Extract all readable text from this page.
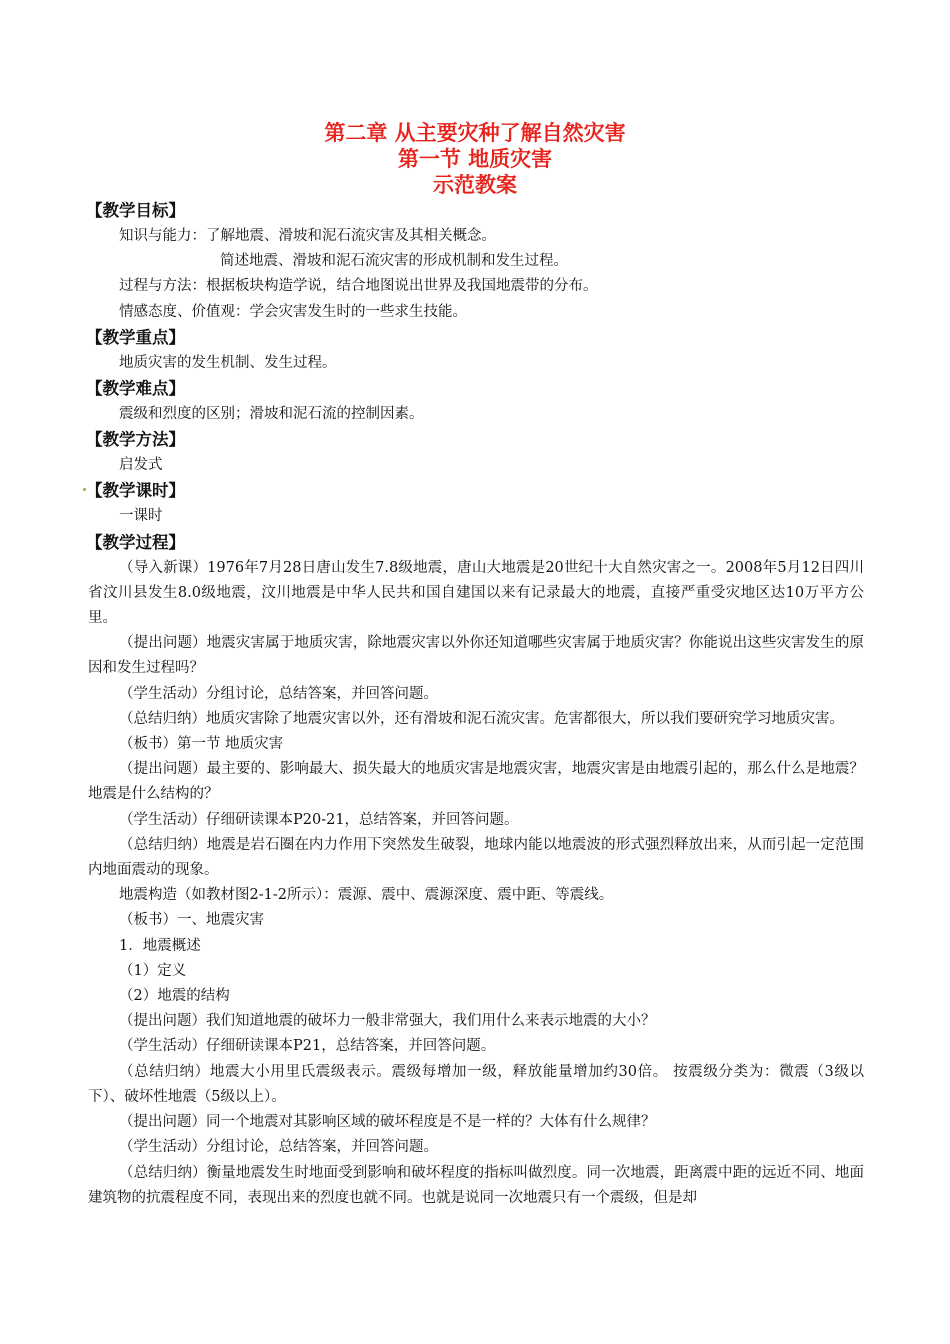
第二章 从主要灾种了解自然灾害
第一节 地质灾害
示范教案
【教学目标】
知识与能力：了解地震、滑坡和泥石流灾害及其相关概念。
简述地震、滑坡和泥石流灾害的形成机制和发生过程。
过程与方法：根据板块构造学说，结合地图说出世界及我国地震带的分布。
情感态度、价值观：学会灾害发生时的一些求生技能。
【教学重点】
地质灾害的发生机制、发生过程。
【教学难点】
震级和烈度的区别；滑坡和泥石流的控制因素。
【教学方法】
启发式
【教学课时】
一课时
【教学过程】
（导入新课）1976年7月28日唐山发生7.8级地震，唐山大地震是20世纪十大自然灾害之一。2008年5月12日四川省汶川县发生8.0级地震，汶川地震是中华人民共和国自建国以来有记录最大的地震，直接严重受灾地区达10万平方公里。
（提出问题）地震灾害属于地质灾害，除地震灾害以外你还知道哪些灾害属于地质灾害？你能说出这些灾害发生的原因和发生过程吗？
（学生活动）分组讨论，总结答案，并回答问题。
（总结归纳）地质灾害除了地震灾害以外，还有滑坡和泥石流灾害。危害都很大，所以我们要研究学习地质灾害。
（板书）第一节 地质灾害
（提出问题）最主要的、影响最大、损失最大的地质灾害是地震灾害，地震灾害是由地震引起的，那么什么是地震？地震是什么结构的？
（学生活动）仔细研读课本P20-21，总结答案，并回答问题。
（总结归纳）地震是岩石圈在内力作用下突然发生破裂，地球内能以地震波的形式强烈释放出来，从而引起一定范围内地面震动的现象。
地震构造（如教材图2-1-2所示）：震源、震中、震源深度、震中距、等震线。
（板书）一、地震灾害
1．地震概述
（1）定义
（2）地震的结构
（提出问题）我们知道地震的破坏力一般非常强大，我们用什么来表示地震的大小？
（学生活动）仔细研读课本P21，总结答案，并回答问题。
（总结归纳）地震大小用里氏震级表示。震级每增加一级，释放能量增加约30倍。 按震级分类为：微震（3级以下）、破坏性地震（5级以上）。
（提出问题）同一个地震对其影响区域的破坏程度是不是一样的？大体有什么规律？
（学生活动）分组讨论，总结答案，并回答问题。
（总结归纳）衡量地震发生时地面受到影响和破坏程度的指标叫做烈度。同一次地震，距离震中距的远近不同、地面建筑物的抗震程度不同，表现出来的烈度也就不同。也就是说同一次地震只有一个震级，但是却
